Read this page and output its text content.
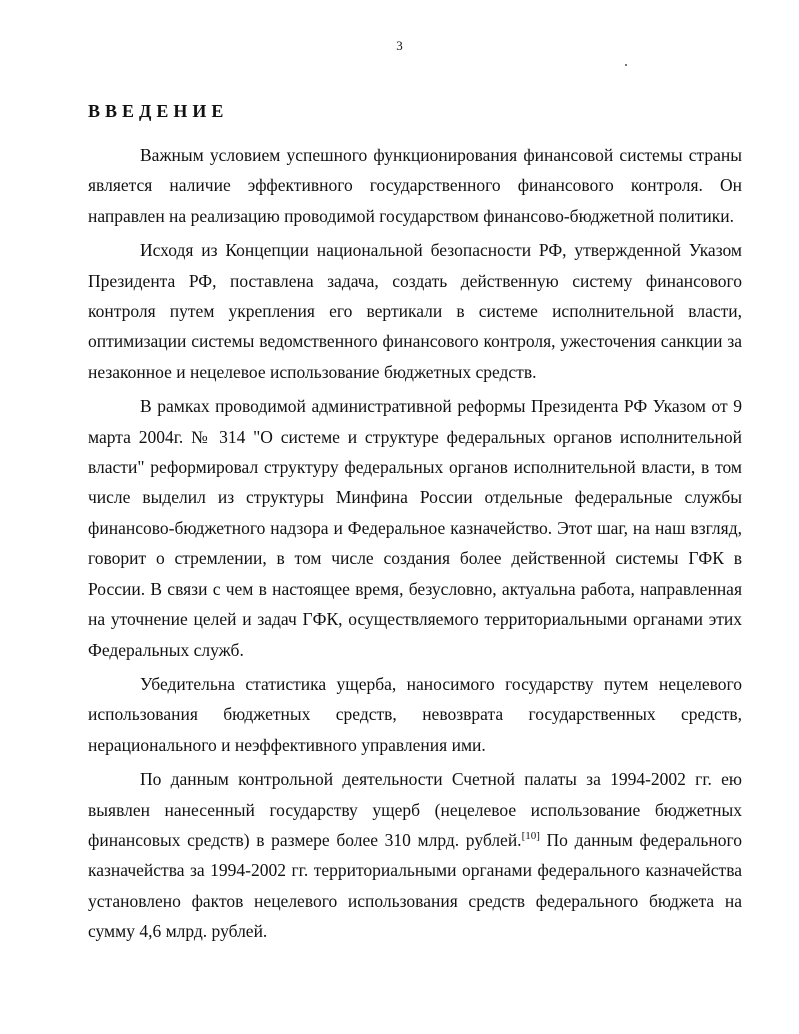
3
ВВЕДЕНИЕ

Важным условием успешного функционирования финансовой системы страны является наличие эффективного государственного финансового контроля. Он направлен на реализацию проводимой государством финансово-бюджетной политики.

Исходя из Концепции национальной безопасности РФ, утвержденной Указом Президента РФ, поставлена задача, создать действенную систему финансового контроля путем укрепления его вертикали в системе исполнительной власти, оптимизации системы ведомственного финансового контроля, ужесточения санкции за незаконное и нецелевое использование бюджетных средств.

В рамках проводимой административной реформы Президента РФ Указом от 9 марта 2004г. № 314 "О системе и структуре федеральных органов исполнительной власти" реформировал структуру федеральных органов исполнительной власти, в том числе выделил из структуры Минфина России отдельные федеральные службы финансово-бюджетного надзора и Федеральное казначейство. Этот шаг, на наш взгляд, говорит о стремлении, в том числе создания более действенной системы ГФК в России. В связи с чем в настоящее время, безусловно, актуальна работа, направленная на уточнение целей и задач ГФК, осуществляемого территориальными органами этих Федеральных служб.

Убедительна статистика ущерба, наносимого государству путем нецелевого использования бюджетных средств, невозврата государственных средств, нерационального и неэффективного управления ими.

По данным контрольной деятельности Счетной палаты за 1994-2002 гг. ею выявлен нанесенный государству ущерб (нецелевое использование бюджетных финансовых средств) в размере более 310 млрд. рублей.[10] По данным федерального казначейства за 1994-2002 гг. территориальными органами федерального казначейства установлено фактов нецелевого использования средств федерального бюджета на сумму 4,6 млрд. рублей.
